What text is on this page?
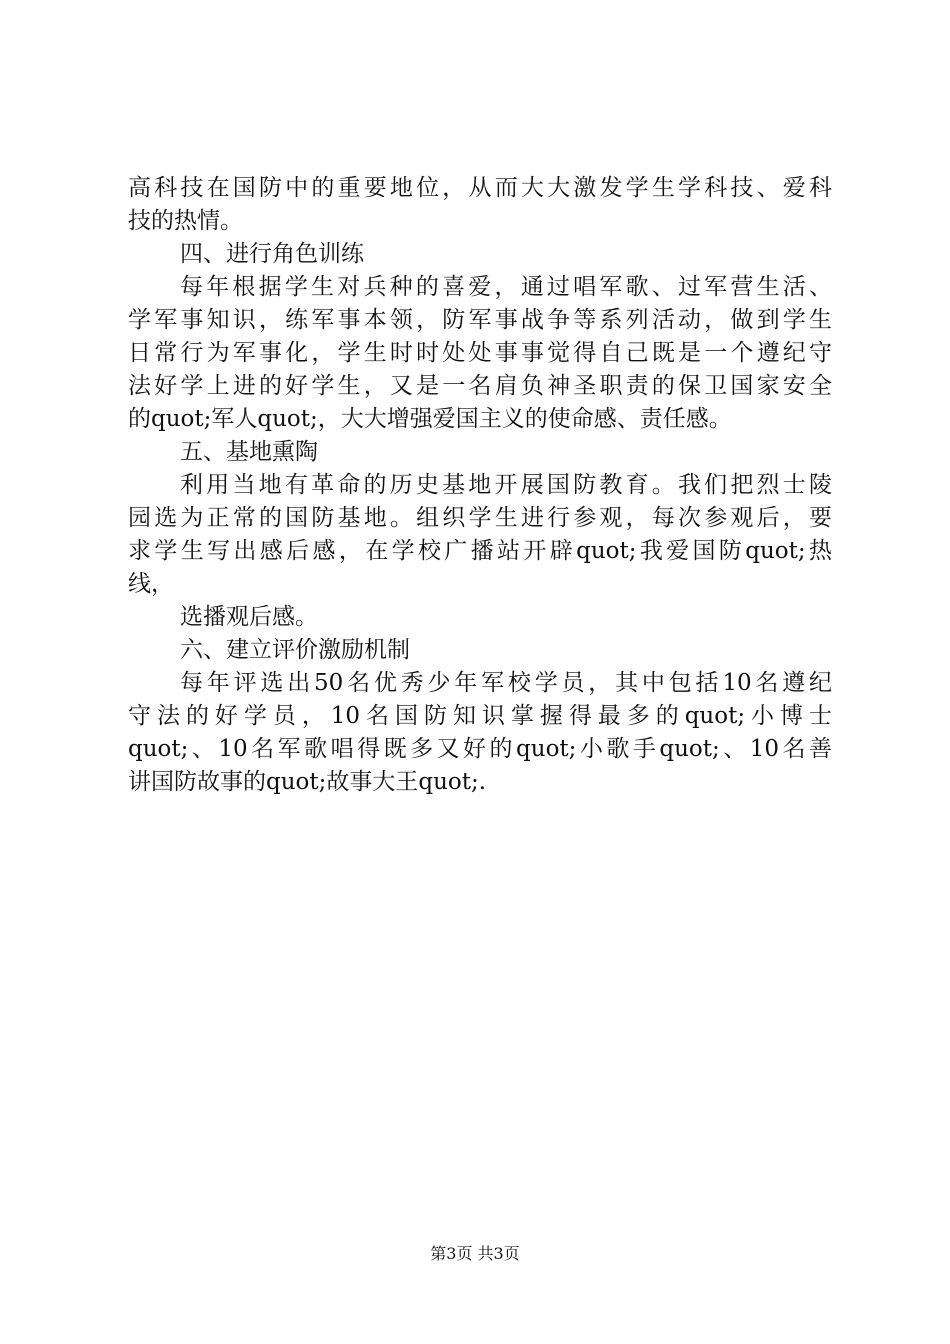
高科技在国防中的重要地位，从而大大激发学生学科技、爱科
技的热情。
四、进行角色训练
每年根据学生对兵种的喜爱，通过唱军歌、过军营生活、
学军事知识，练军事本领，防军事战争等系列活动，做到学生
日常行为军事化，学生时时处处事事觉得自己既是一个遵纪守
法好学上进的好学生，又是一名肩负神圣职责的保卫国家安全
的quot;军人quot;，大大增强爱国主义的使命感、责任感。
五、基地熏陶
利用当地有革命的历史基地开展国防教育。我们把烈士陵
园选为正常的国防基地。组织学生进行参观，每次参观后，要
求学生写出感后感，在学校广播站开辟quot;我爱国防quot;热
线，
选播观后感。
六、建立评价激励机制
每年评选出50名优秀少年军校学员，其中包括10名遵纪
守法的好学员，10名国防知识掌握得最多的quot;小博士
quot;、10名军歌唱得既多又好的quot;小歌手quot;、10名善
讲国防故事的quot;故事大王quot;.
第3页 共3页
